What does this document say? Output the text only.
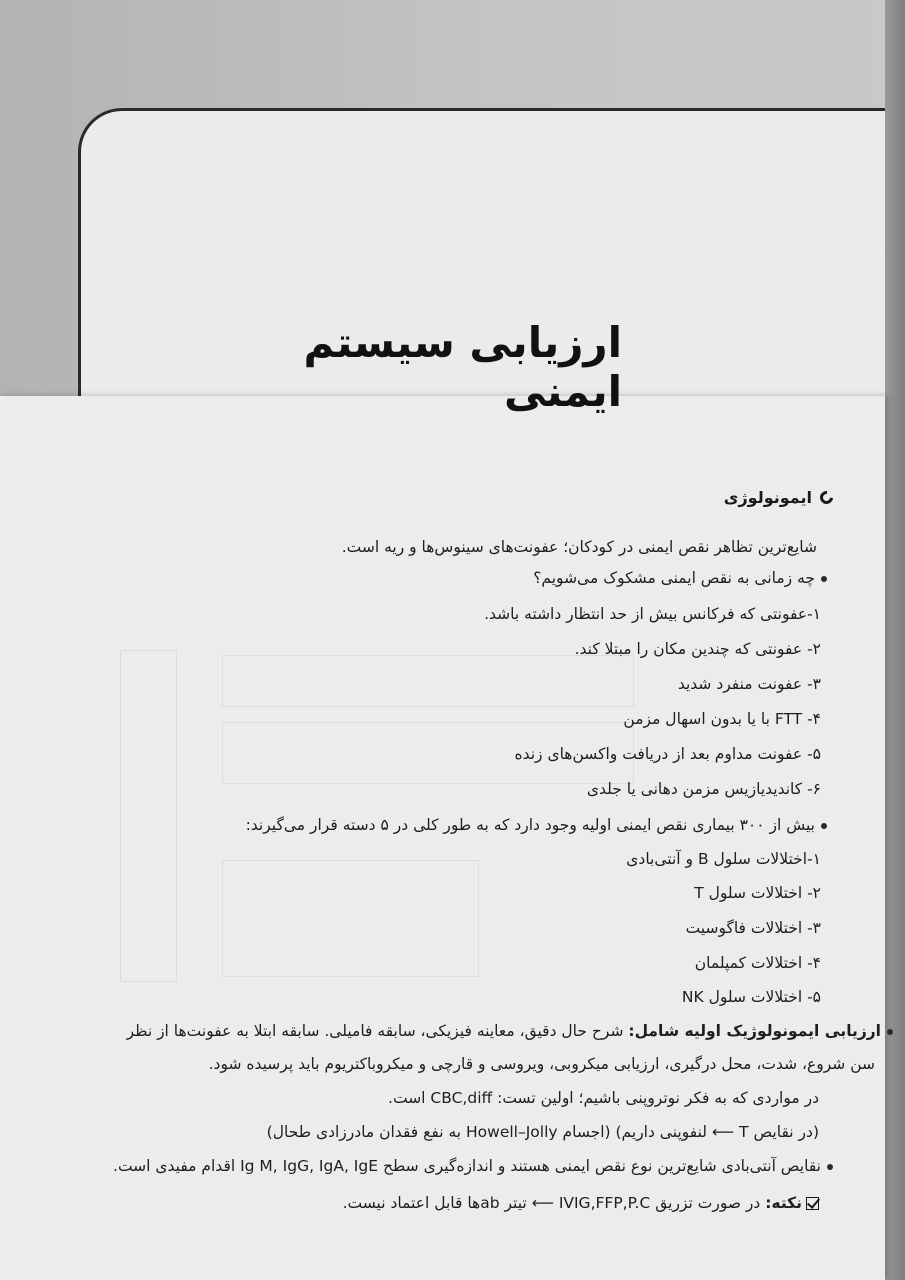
ارزیابی سیستم ایمنی
ایمونولوژی
شایع‌ترین تظاهر نقص ایمنی در کودکان؛ عفونت‌های سینوس‌ها و ریه است.
چه زمانی به نقص ایمنی مشکوک می‌شویم؟
۱-عفونتی که فرکانس بیش از حد انتظار داشته باشد.
۲- عفونتی که چندین مکان را مبتلا کند.
۳- عفونت منفرد شدید
۴- FTT با یا بدون اسهال مزمن
۵- عفونت مداوم بعد از دریافت واکسن‌های زنده
۶- کاندیدیازیس مزمن دهانی یا جلدی
بیش از ۳۰۰ بیماری نقص ایمنی اولیه وجود دارد که به طور کلی در ۵ دسته قرار می‌گیرند:
۱-اختلالات سلول B و آنتی‌بادی
۲- اختلالات سلول T
۳- اختلالات فاگوسیت
۴- اختلالات کمپلمان
۵- اختلالات سلول NK
ارزیابی ایمونولوژیک اولیه شامل: شرح حال دقیق، معاینه فیزیکی، سابقه فامیلی. سابقه ابتلا به عفونت‌ها از نظر
سن شروع، شدت، محل درگیری، ارزیابی میکروبی، ویروسی و قارچی و میکروباکتریوم باید پرسیده شود.
در مواردی که به فکر نوتروپنی باشیم؛ اولین تست: CBC,diff است.
(در نقایص T ⟵ لنفوپنی داریم) (اجسام Howell–Jolly به نفع فقدان مادرزادی طحال)
نقایص آنتی‌بادی شایع‌ترین نوع نقص ایمنی هستند و اندازه‌گیری سطح Ig M, IgG, IgA, IgE اقدام مفیدی است.
نکته: در صورت تزریق IVIG,FFP,P.C ⟵ تیتر abها قابل اعتماد نیست.
